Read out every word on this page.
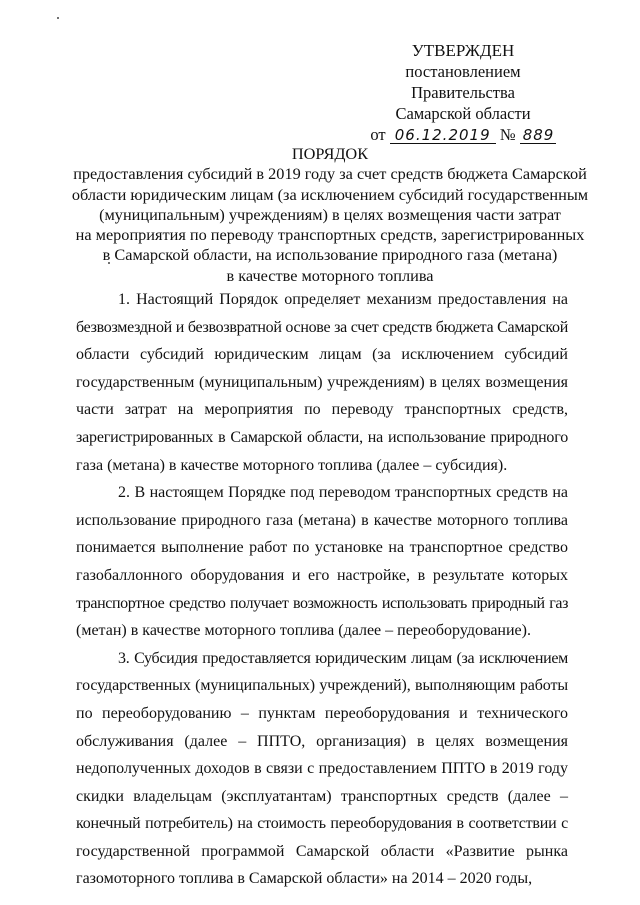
УТВЕРЖДЕН
постановлением Правительства
Самарской области
от 06.12.2019 № 889
ПОРЯДОК
предоставления субсидий в 2019 году за счет средств бюджета Самарской
области юридическим лицам (за исключением субсидий государственным
(муниципальным) учреждениям) в целях возмещения части затрат
на мероприятия по переводу транспортных средств, зарегистрированных
в Самарской области, на использование природного газа (метана)
в качестве моторного топлива
1. Настоящий Порядок определяет механизм предоставления на
безвозмездной и безвозвратной основе за счет средств бюджета Самарской
области субсидий юридическим лицам (за исключением субсидий
государственным (муниципальным) учреждениям) в целях возмещения
части затрат на мероприятия по переводу транспортных средств,
зарегистрированных в Самарской области, на использование природного
газа (метана) в качестве моторного топлива (далее – субсидия).
2. В настоящем Порядке под переводом транспортных средств на
использование природного газа (метана) в качестве моторного топлива
понимается выполнение работ по установке на транспортное средство
газобаллонного оборудования и его настройке, в результате которых
транспортное средство получает возможность использовать природный газ
(метан) в качестве моторного топлива (далее – переоборудование).
3. Субсидия предоставляется юридическим лицам (за исключением
государственных (муниципальных) учреждений), выполняющим работы
по переоборудованию – пунктам переоборудования и технического
обслуживания (далее – ППТО, организация) в целях возмещения
недополученных доходов в связи с предоставлением ППТО в 2019 году
скидки владельцам (эксплуатантам) транспортных средств (далее –
конечный потребитель) на стоимость переоборудования в соответствии с
государственной программой Самарской области «Развитие рынка
газомоторного топлива в Самарской области» на 2014 – 2020 годы,
